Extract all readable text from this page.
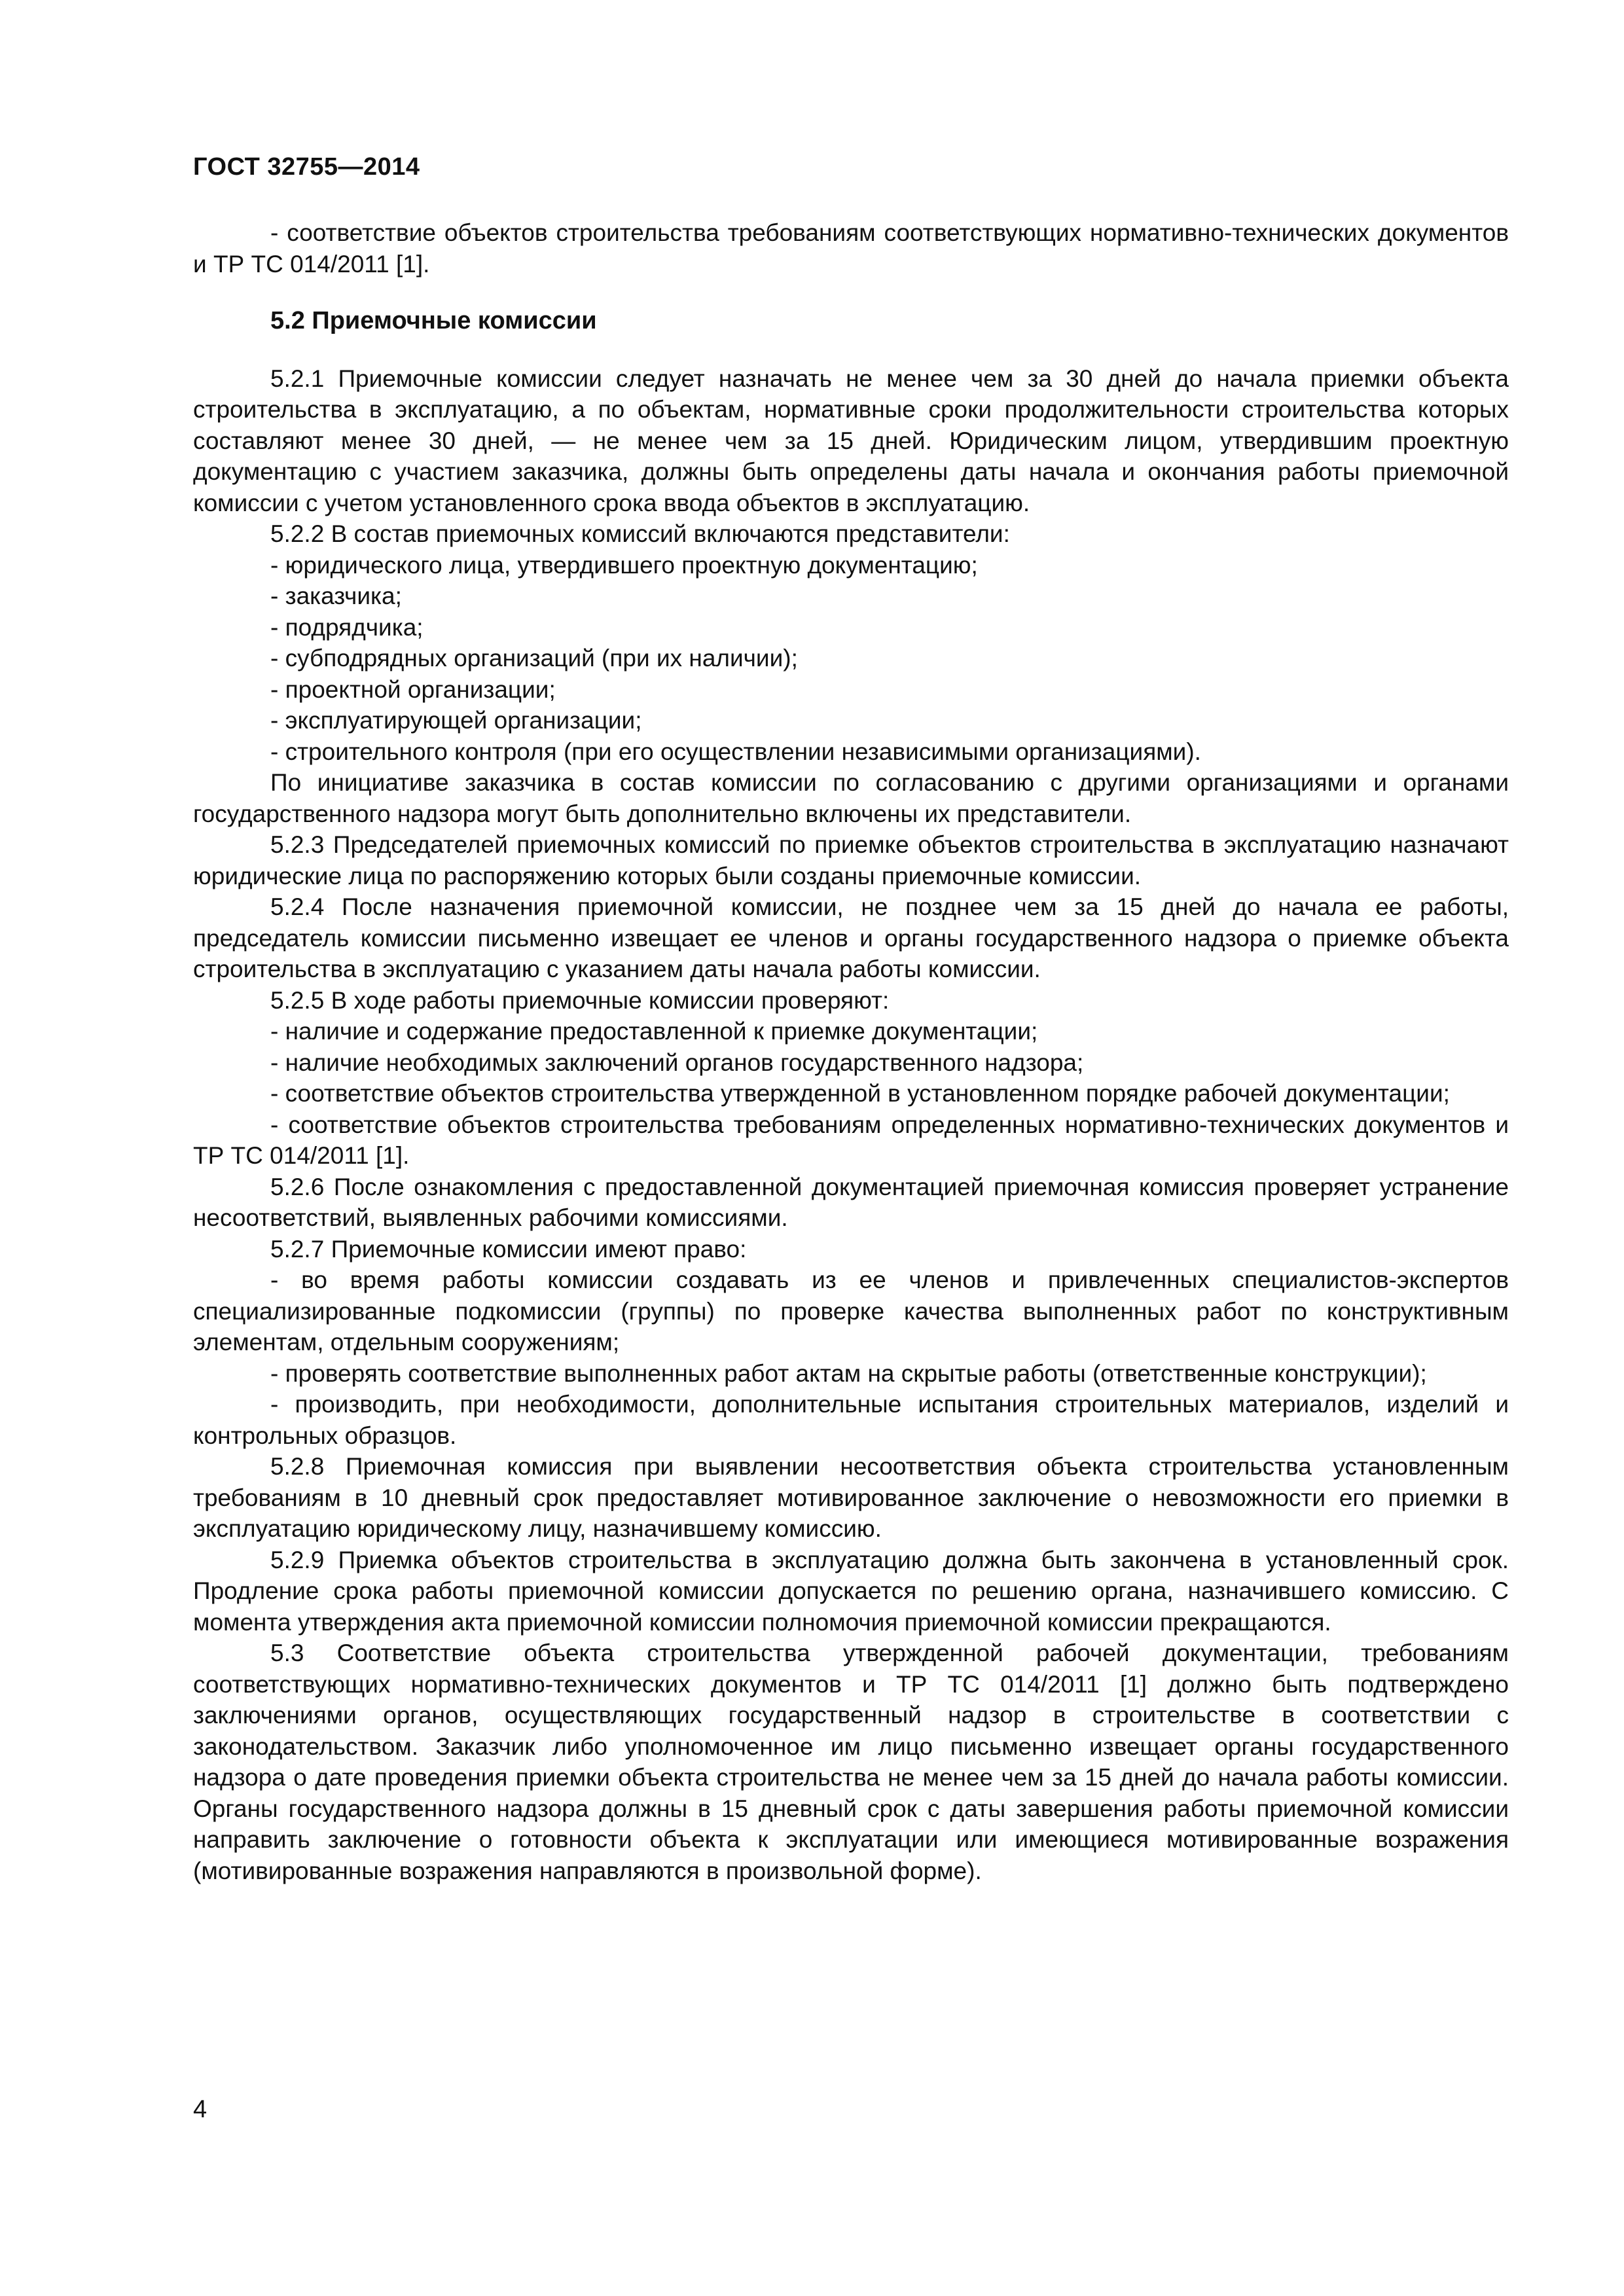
ГОСТ 32755—2014

- соответствие объектов строительства требованиям соответствующих нормативно-технических документов и ТР ТС 014/2011 [1].

5.2 Приемочные комиссии

5.2.1 Приемочные комиссии следует назначать не менее чем за 30 дней до начала приемки объекта строительства в эксплуатацию, а по объектам, нормативные сроки продолжительности строительства которых составляют менее 30 дней, — не менее чем за 15 дней. Юридическим лицом, утвердившим проектную документацию с участием заказчика, должны быть определены даты начала и окончания работы приемочной комиссии с учетом установленного срока ввода объектов в эксплуатацию.

5.2.2 В состав приемочных комиссий включаются представители:

- юридического лица, утвердившего проектную документацию;

- заказчика;

- подрядчика;

- субподрядных организаций (при их наличии);

- проектной организации;

- эксплуатирующей организации;

- строительного контроля (при его осуществлении независимыми организациями).

По инициативе заказчика в состав комиссии по согласованию с другими организациями и органами государственного надзора могут быть дополнительно включены их представители.

5.2.3 Председателей приемочных комиссий по приемке объектов строительства в эксплуатацию назначают юридические лица по распоряжению которых были созданы приемочные комиссии.

5.2.4 После назначения приемочной комиссии, не позднее чем за 15 дней до начала ее работы, председатель комиссии письменно извещает ее членов и органы государственного надзора о приемке объекта строительства в эксплуатацию с указанием даты начала работы комиссии.

5.2.5 В ходе работы приемочные комиссии проверяют:

- наличие и содержание предоставленной к приемке документации;

- наличие необходимых заключений органов государственного надзора;

- соответствие объектов строительства утвержденной в установленном порядке рабочей документации;

- соответствие объектов строительства требованиям определенных нормативно-технических документов и ТР ТС 014/2011 [1].

5.2.6 После ознакомления с предоставленной документацией приемочная комиссия проверяет устранение несоответствий, выявленных рабочими комиссиями.

5.2.7 Приемочные комиссии имеют право:

- во время работы комиссии создавать из ее членов и привлеченных специалистов-экспертов специализированные подкомиссии (группы) по проверке качества выполненных работ по конструктивным элементам, отдельным сооружениям;

- проверять соответствие выполненных работ актам на скрытые работы (ответственные конструкции);

- производить, при необходимости, дополнительные испытания строительных материалов, изделий и контрольных образцов.

5.2.8 Приемочная комиссия при выявлении несоответствия объекта строительства установленным требованиям в 10 дневный срок предоставляет мотивированное заключение о невозможности его приемки в эксплуатацию юридическому лицу, назначившему комиссию.

5.2.9 Приемка объектов строительства в эксплуатацию должна быть закончена в установленный срок. Продление срока работы приемочной комиссии допускается по решению органа, назначившего комиссию. С момента утверждения акта приемочной комиссии полномочия приемочной комиссии прекращаются.

5.3 Соответствие объекта строительства утвержденной рабочей документации, требованиям соответствующих нормативно-технических документов и ТР ТС 014/2011 [1] должно быть подтверждено заключениями органов, осуществляющих государственный надзор в строительстве в соответствии с законодательством. Заказчик либо уполномоченное им лицо письменно извещает органы государственного надзора о дате проведения приемки объекта строительства не менее чем за 15 дней до начала работы комиссии. Органы государственного надзора должны в 15 дневный срок с даты завершения работы приемочной комиссии направить заключение о готовности объекта к эксплуатации или имеющиеся мотивированные возражения (мотивированные возражения направляются в произвольной форме).

4
